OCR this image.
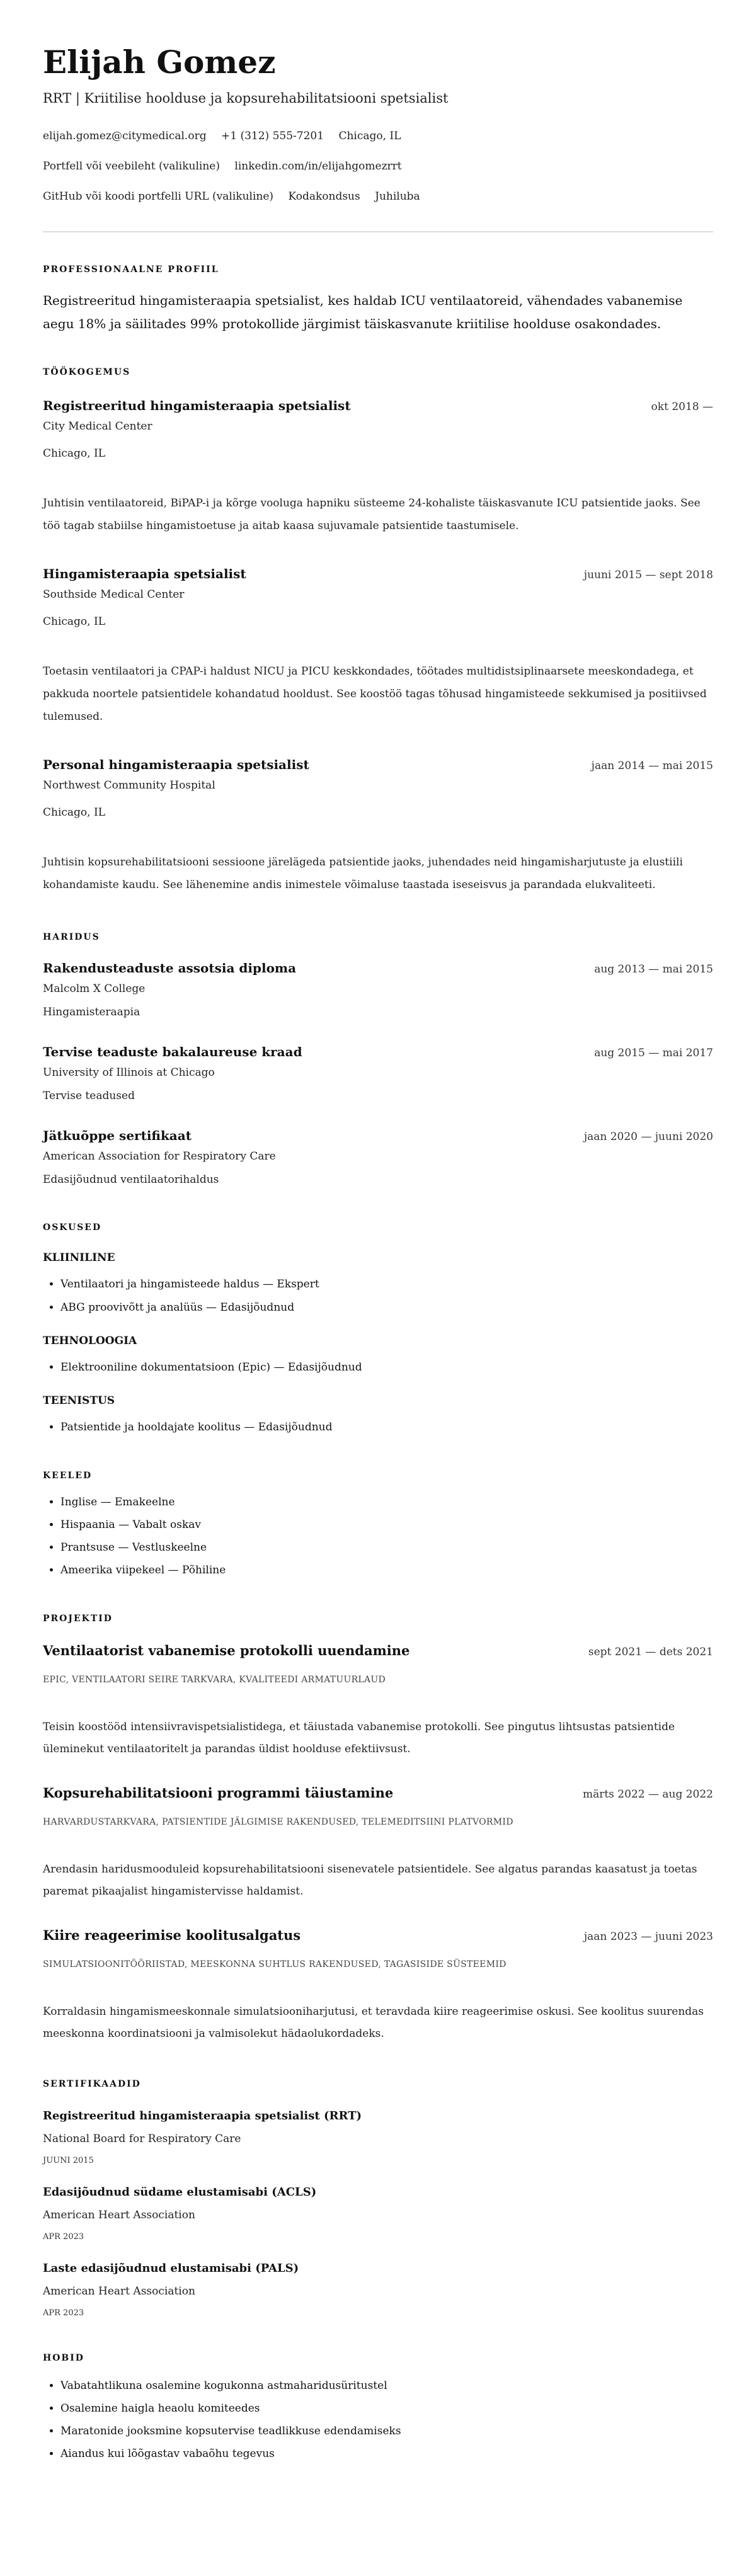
Elijah Gomez
RRT | Kriitilise hoolduse ja kopsurehabilitatsiooni spetsialist
elijah.gomez@citymedical.org +1 (312) 555-7201 Chicago, IL
Portfell või veebileht (valikuline) linkedin.com/in/elijahgomezrrt
GitHub või koodi portfelli URL (valikuline) Kodakondsus Juhiluba
PROFESSIONAALNE PROFIIL
Registreeritud hingamisteraapia spetsialist, kes haldab ICU ventilaatoreid, vähendades vabanemise aegu 18% ja säilitades 99% protokollide järgimist täiskasvanute kriitilise hoolduse osakondades.
TÖÖKOGEMUS
Registreeritud hingamisteraapia spetsialist	okt 2018 —
City Medical Center
Chicago, IL
Juhtisin ventilaatoreid, BiPAP-i ja kõrge vooluga hapniku süsteeme 24-kohaliste täiskasvanute ICU patsientide jaoks. See töö tagab stabiilse hingamistoetuse ja aitab kaasa sujuvamale patsientide taastumisele.
Hingamisteraapia spetsialist	juuni 2015 — sept 2018
Southside Medical Center
Chicago, IL
Toetasin ventilaatori ja CPAP-i haldust NICU ja PICU keskkondades, töötades multidistsiplinaarsete meeskondadega, et pakkuda noortele patsientidele kohandatud hooldust. See koostöö tagas tõhusad hingamisteede sekkumised ja positiivsed tulemused.
Personal hingamisteraapia spetsialist	jaan 2014 — mai 2015
Northwest Community Hospital
Chicago, IL
Juhtisin kopsurehabilitatsiooni sessioone järelägeda patsientide jaoks, juhendades neid hingamisharjutuste ja elustiili kohandamiste kaudu. See lähenemine andis inimestele võimaluse taastada iseseisvus ja parandada elukvaliteeti.
HARIDUS
Rakendusteaduste assotsia diploma	aug 2013 — mai 2015
Malcolm X College
Hingamisteraapia
Tervise teaduste bakalaureuse kraad	aug 2015 — mai 2017
University of Illinois at Chicago
Tervise teadused
Jätkuõppe sertifikaat	jaan 2020 — juuni 2020
American Association for Respiratory Care
Edasijõudnud ventilaatorihaldus
OSKUSED
KLIINILINE
• Ventilaatori ja hingamisteede haldus — Ekspert
• ABG proovivõtt ja analüüs — Edasijõudnud
TEHNOLOOGIA
• Elektrooniline dokumentatsioon (Epic) — Edasijõudnud
TEENISTUS
• Patsientide ja hooldajate koolitus — Edasijõudnud
KEELED
• Inglise — Emakeelne
• Hispaania — Vabalt oskav
• Prantsuse — Vestluskeelne
• Ameerika viipekeel — Põhiline
PROJEKTID
Ventilaatorist vabanemise protokolli uuendamine	sept 2021 — dets 2021
EPIC, VENTILAATORI SEIRE TARKVARA, KVALITEEDI ARMATUURLAUD
Teisin koostööd intensiivravispetsialistidega, et täiustada vabanemise protokolli. See pingutus lihtsustas patsientide üleminekut ventilaatoritelt ja parandas üldist hoolduse efektiivsust.
Kopsurehabilitatsiooni programmi täiustamine	märts 2022 — aug 2022
HARVARDUSTARKVARA, PATSIENTIDE JÄLGIMISE RAKENDUSED, TELEMEDITSIINI PLATVORMID
Arendasin haridusmooduleid kopsurehabilitatsiooni sisenevatele patsientidele. See algatus parandas kaasatust ja toetas paremat pikaajalist hingamistervisse haldamist.
Kiire reageerimise koolitusalgatus	jaan 2023 — juuni 2023
SIMULATSIOONITÖÖRIISTAD, MEESKONNA SUHTLUS RAKENDUSED, TAGASISIDE SÜSTEEMID
Korraldasin hingamismeeskonnale simulatsiooniharjutusi, et teravdada kiire reageerimise oskusi. See koolitus suurendas meeskonna koordinatsiooni ja valmisolekut hädaolukordadeks.
SERTIFIKAADID
Registreeritud hingamisteraapia spetsialist (RRT)
National Board for Respiratory Care
JUUNI 2015
Edasijõudnud südame elustamisabi (ACLS)
American Heart Association
APR 2023
Laste edasijõudnud elustamisabi (PALS)
American Heart Association
APR 2023
HOBID
• Vabatahtlikuna osalemine kogukonna astmaharidusüritustel
• Osalemine haigla heaolu komiteedes
• Maratonide jooksmine kopsutervise teadlikkuse edendamiseks
• Aiandus kui lõõgastav vabaõhu tegevus
